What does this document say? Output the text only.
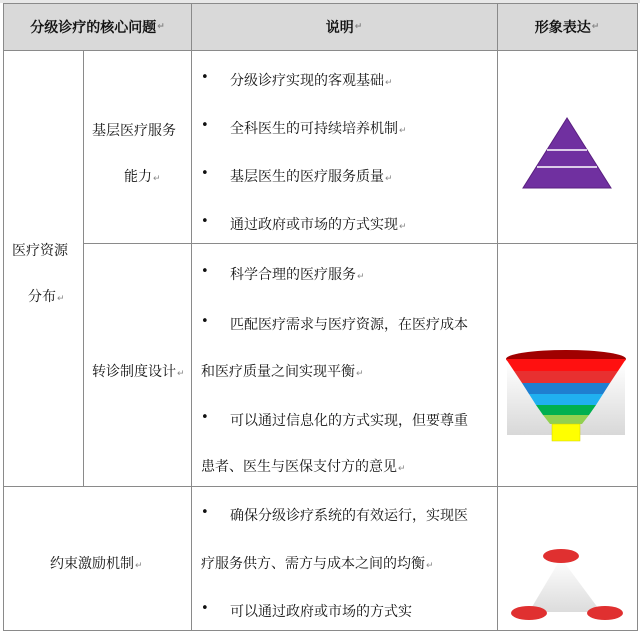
分级诊疗的核心问题 ↵	说明 ↵	形象表达 ↵
医疗资源
分布↵
基层医疗服务
能力↵
转诊制度设计↵
约束激励机制↵
• 分级诊疗实现的客观基础↵
• 全科医生的可持续培养机制↵
• 基层医生的医疗服务质量↵
• 通过政府或市场的方式实现↵
• 科学合理的医疗服务↵
• 匹配医疗需求与医疗资源，在医疗成本
和医疗质量之间实现平衡↵
• 可以通过信息化的方式实现，但要尊重
患者、医生与医保支付方的意见↵
• 确保分级诊疗系统的有效运行，实现医
疗服务供方、需方与成本之间的均衡↵
• 可以通过政府或市场的方式实
